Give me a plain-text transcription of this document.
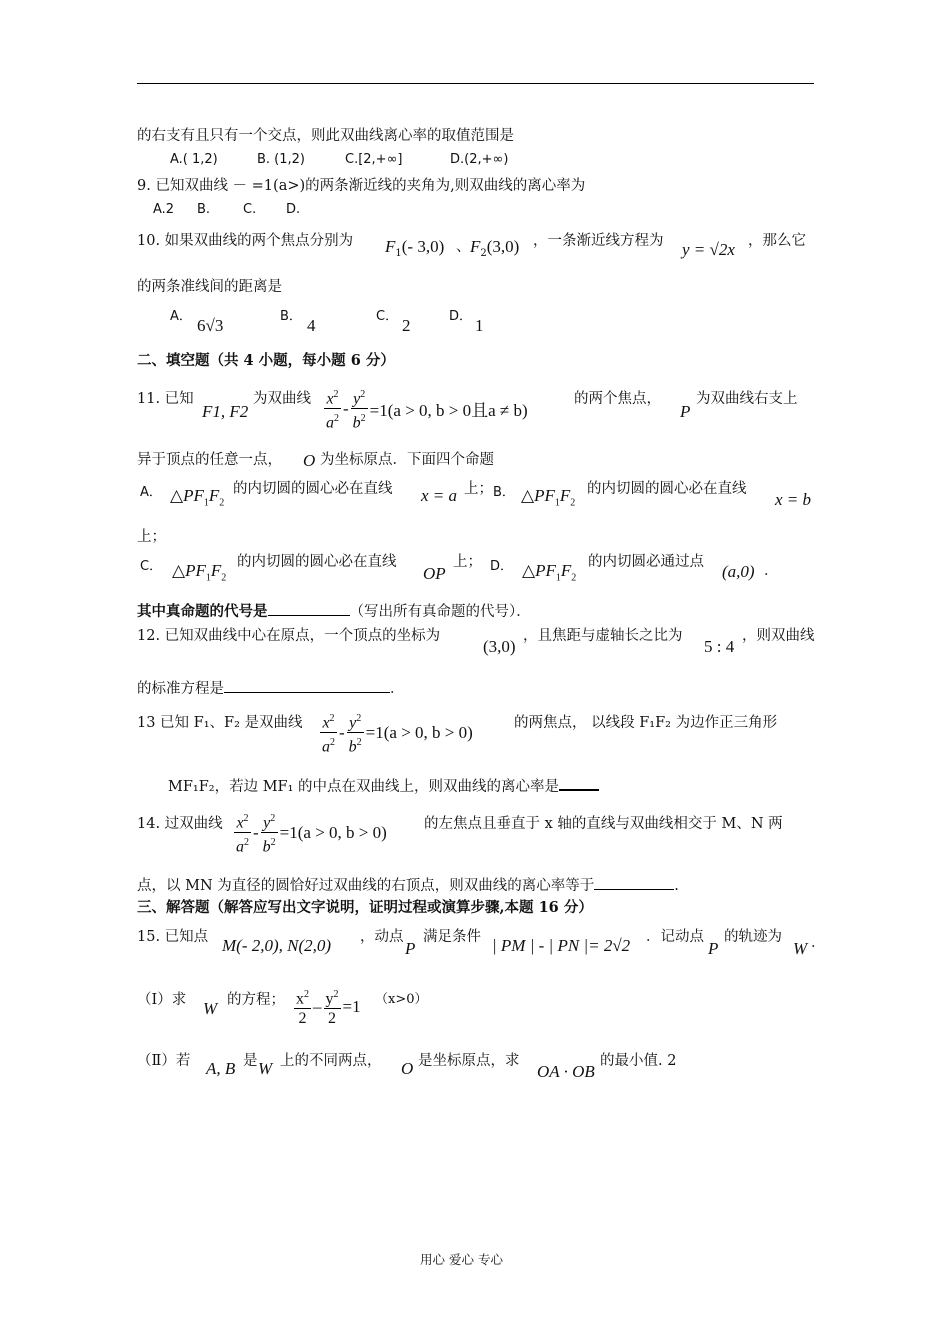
的右支有且只有一个交点，则此双曲线离心率的取值范围是
A.( 1,2)	B. (1,2)	C.[2,+∞]	D.(2,+∞)
9. 已知双曲线 － =1(a>)的两条渐近线的夹角为,则双曲线的离心率为
A.2 B.	C. D.
10. 如果双曲线的两个焦点分别为 $F_1(-$ 3,0) 、 $F_2(3,0)$ ，一条渐近线方程为 y = √2x ，那么它
的两条准线间的距离是
A． 6√3	B． 4	C． 2	D． 1
二、填空题（共 4 小题，每小题 6 分）
11. 已知
F1, F2
为双曲线 $\frac{x^2}{a^2} - \frac{y^2}{b^2} =1(a > 0$, b > 0且a ≠ b)
的两个焦点，
P
为双曲线右支上
异于顶点的任意一点， O 为坐标原点．下面四个命题
A． $\triangle PF_1F_2$
的内切圆的圆心必在直线 x = a 上； B． $\triangle PF_1F_2$
的内切圆的圆心必在直线
x = b
上；
C． $\triangle PF_1F_2$
的内切圆的圆心必在直线
OP
上； D． $\triangle PF_1F_2$
的内切圆必通过点 (a,0) ．
其中真命题的代号是	（写出所有真命题的代号）．
12. 已知双曲线中心在原点，一个顶点的坐标为
(3,0)
，且焦距与虚轴长之比为
5 : 4
，则双曲线
的标准方程是	．
13 已知 F₁、F₂ 是双曲线 $\frac{x^2}{a^2} - \frac{y^2}{b^2} =1(a > 0$, b > 0)	的两焦点， 以线段 F₁F₂ 为边作正三角形
MF₁F₂，若边 MF₁ 的中点在双曲线上，则双曲线的离心率是
14. 过双曲线 $\frac{x^2}{a^2} - \frac{y^2}{b^2} =1(a > 0$, b > 0)	的左焦点且垂直于 x 轴的直线与双曲线相交于 M、N 两
点，以 MN 为直径的圆恰好过双曲线的右顶点，则双曲线的离心率等于	.
三、解答题（解答应写出文字说明，证明过程或演算步骤,本题 16 分）
15. 已知点 M(- 2,0), N(2,0) ，动点
P
满足条件 | PM | - | PN |= 2√2 ．记动点
P
的轨迹为
W ．
（Ⅰ）求 W 的方程； $\frac{x^2}{2} - \frac{y^2}{2} =1$ （x>0）
（Ⅱ）若 A, B 是 W 上的不同两点， O 是坐标原点，求
OA · OB
的最小值. 2
用心 爱心 专心
